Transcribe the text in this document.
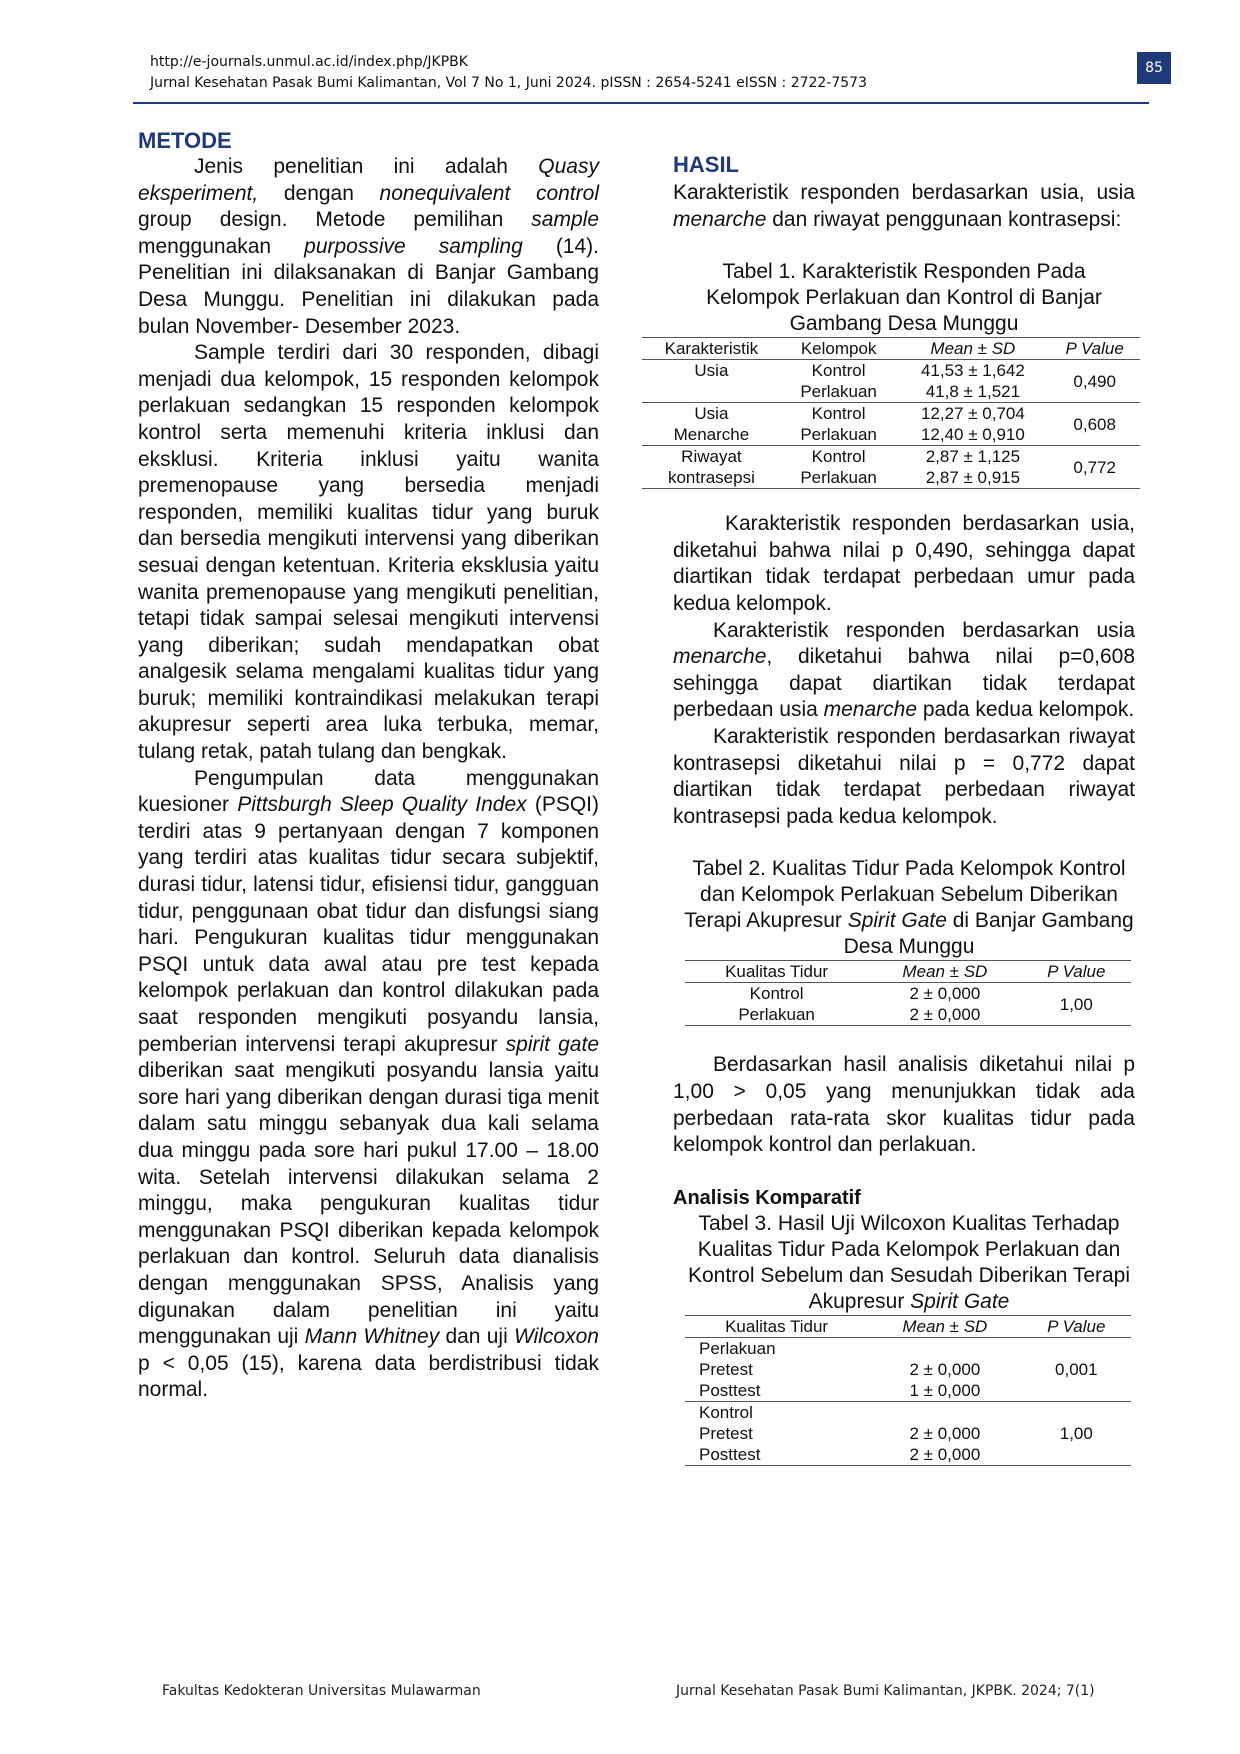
http://e-journals.unmul.ac.id/index.php/JKPBK
Jurnal Kesehatan Pasak Bumi Kalimantan, Vol 7 No 1, Juni 2024. pISSN : 2654-5241 eISSN : 2722-7573
85
METODE

Jenis penelitian ini adalah Quasy eksperiment, dengan nonequivalent control group design. Metode pemilihan sample menggunakan purpossive sampling (14). Penelitian ini dilaksanakan di Banjar Gambang Desa Munggu. Penelitian ini dilakukan pada bulan November- Desember 2023.

Sample terdiri dari 30 responden, dibagi menjadi dua kelompok, 15 responden kelompok perlakuan sedangkan 15 responden kelompok kontrol serta memenuhi kriteria inklusi dan eksklusi. Kriteria inklusi yaitu wanita premenopause yang bersedia menjadi responden, memiliki kualitas tidur yang buruk dan bersedia mengikuti intervensi yang diberikan sesuai dengan ketentuan. Kriteria eksklusia yaitu wanita premenopause yang mengikuti penelitian, tetapi tidak sampai selesai mengikuti intervensi yang diberikan; sudah mendapatkan obat analgesik selama mengalami kualitas tidur yang buruk; memiliki kontraindikasi melakukan terapi akupresur seperti area luka terbuka, memar, tulang retak, patah tulang dan bengkak.

Pengumpulan data menggunakan kuesioner Pittsburgh Sleep Quality Index (PSQI) terdiri atas 9 pertanyaan dengan 7 komponen yang terdiri atas kualitas tidur secara subjektif, durasi tidur, latensi tidur, efisiensi tidur, gangguan tidur, penggunaan obat tidur dan disfungsi siang hari. Pengukuran kualitas tidur menggunakan PSQI untuk data awal atau pre test kepada kelompok perlakuan dan kontrol dilakukan pada saat responden mengikuti posyandu lansia, pemberian intervensi terapi akupresur spirit gate diberikan saat mengikuti posyandu lansia yaitu sore hari yang diberikan dengan durasi tiga menit dalam satu minggu sebanyak dua kali selama dua minggu pada sore hari pukul 17.00 – 18.00 wita. Setelah intervensi dilakukan selama 2 minggu, maka pengukuran kualitas tidur menggunakan PSQI diberikan kepada kelompok perlakuan dan kontrol. Seluruh data dianalisis dengan menggunakan SPSS, Analisis yang digunakan dalam penelitian ini yaitu menggunakan uji Mann Whitney dan uji Wilcoxon p < 0,05 (15), karena data berdistribusi tidak normal.

HASIL

Karakteristik responden berdasarkan usia, usia menarche dan riwayat penggunaan kontrasepsi:

Tabel 1. Karakteristik Responden Pada Kelompok Perlakuan dan Kontrol di Banjar Gambang Desa Munggu
Karakteristik	Kelompok	Mean ± SD	P Value
Usia	Kontrol	41,53 ± 1,642	0,490
	Perlakuan	41,8 ± 1,521	
Usia	Kontrol	12,27 ± 0,704	0,608
Menarche	Perlakuan	12,40 ± 0,910	
Riwayat	Kontrol	2,87 ± 1,125	0,772
kontrasepsi	Perlakuan	2,87 ± 0,915	

Karakteristik responden berdasarkan usia, diketahui bahwa nilai p 0,490, sehingga dapat diartikan tidak terdapat perbedaan umur pada kedua kelompok.

Karakteristik responden berdasarkan usia menarche, diketahui bahwa nilai p=0,608 sehingga dapat diartikan tidak terdapat perbedaan usia menarche pada kedua kelompok.

Karakteristik responden berdasarkan riwayat kontrasepsi diketahui nilai p = 0,772 dapat diartikan tidak terdapat perbedaan riwayat kontrasepsi pada kedua kelompok.

Tabel 2. Kualitas Tidur Pada Kelompok Kontrol dan Kelompok Perlakuan Sebelum Diberikan Terapi Akupresur Spirit Gate di Banjar Gambang Desa Munggu
Kualitas Tidur	Mean ± SD	P Value
Kontrol	2 ± 0,000	1,00
Perlakuan	2 ± 0,000	

Berdasarkan hasil analisis diketahui nilai p 1,00 > 0,05 yang menunjukkan tidak ada perbedaan rata-rata skor kualitas tidur pada kelompok kontrol dan perlakuan.

Analisis Komparatif
Tabel 3. Hasil Uji Wilcoxon Kualitas Terhadap Kualitas Tidur Pada Kelompok Perlakuan dan Kontrol Sebelum dan Sesudah Diberikan Terapi Akupresur Spirit Gate
Kualitas Tidur	Mean ± SD	P Value
Perlakuan		
Pretest	2 ± 0,000	0,001
Posttest	1 ± 0,000	
Kontrol		
Pretest	2 ± 0,000	1,00
Posttest	2 ± 0,000	
Fakultas Kedokteran Universitas Mulawarman	Jurnal Kesehatan Pasak Bumi Kalimantan, JKPBK. 2024; 7(1)
